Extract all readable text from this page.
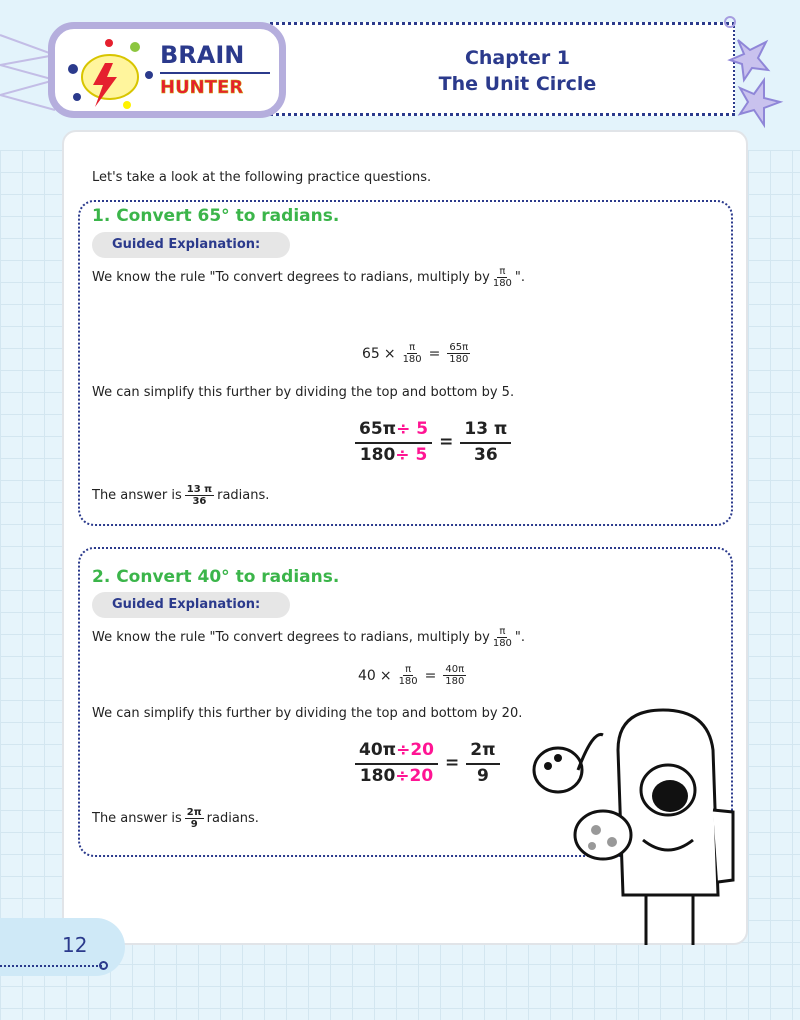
Chapter 1
The Unit Circle
BRAIN
HUNTER
Let's take a look at the following practice questions.
1. Convert 65° to radians.
Guided Explanation:
We know the rule "To convert degrees to radians, multiply by $\frac{\pi}{180}$ ".
$65 \times \frac{\pi}{180} = \frac{65\pi}{180}$
We can simplify this further by dividing the top and bottom by 5.
$\frac{65\pi\div 5}{180\div 5} = \frac{13 \pi}{36}$
The answer is $\frac{13 \pi}{36}$ radians.
2. Convert 40° to radians.
Guided Explanation:
We know the rule "To convert degrees to radians, multiply by $\frac{\pi}{180}$ ".
$40 \times \frac{\pi}{180} = \frac{40\pi}{180}$
We can simplify this further by dividing the top and bottom by 20.
$\frac{40\pi\div 20}{180\div 20} = \frac{2\pi}{9}$
The answer is $\frac{2\pi}{9}$ radians.
12
